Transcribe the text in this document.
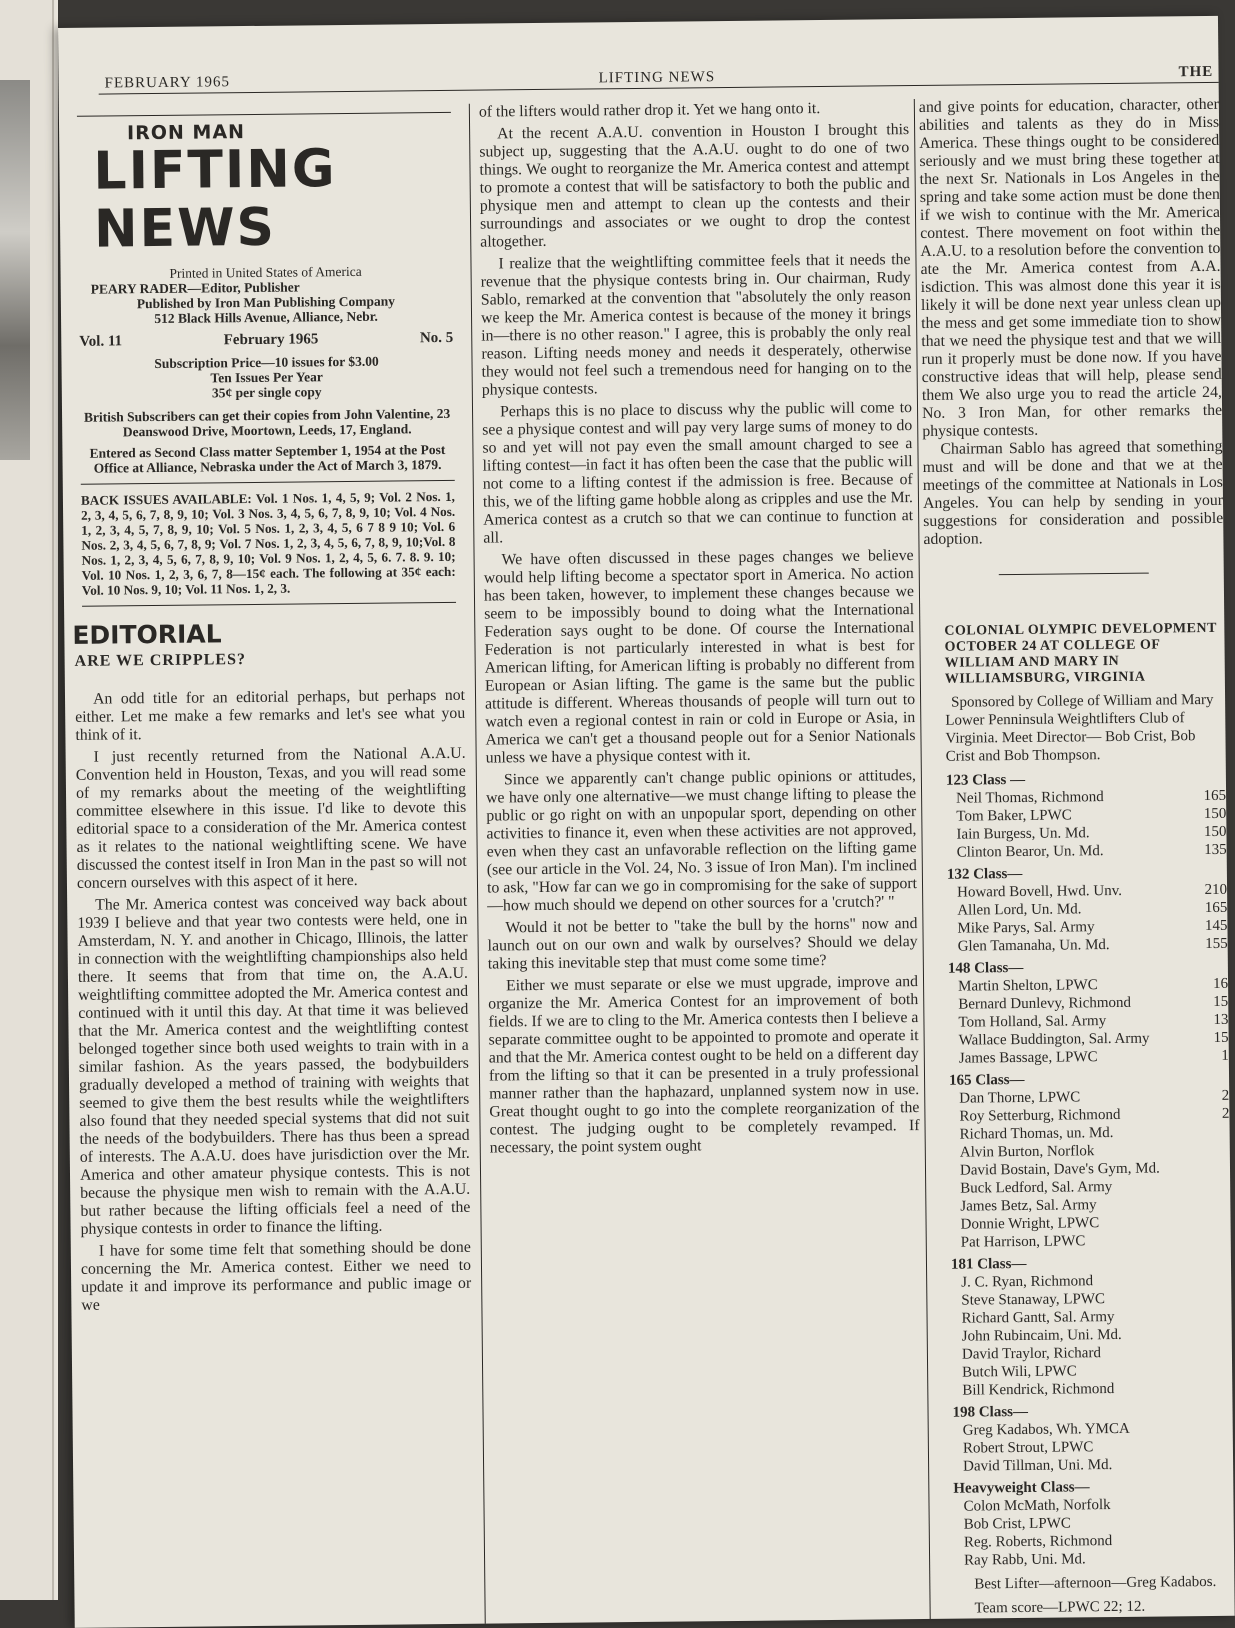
FEBRUARY 1965	LIFTING NEWS	THE
IRON MAN
LIFTING NEWS

Printed in United States of America

PEARY RADER—Editor, Publisher

Published by Iron Man Publishing Company

512 Black Hills Avenue, Alliance, Nebr.

Vol. 11	February 1965	No. 5

Subscription Price—10 issues for $3.00

Ten Issues Per Year

35¢ per single copy

British Subscribers can get their copies from John Valentine, 23 Deanswood Drive, Moortown, Leeds, 17, England.

Entered as Second Class matter September 1, 1954 at the Post Office at Alliance, Nebraska under the Act of March 3, 1879.

BACK ISSUES AVAILABLE: Vol. 1 Nos. 1, 4, 5, 9; Vol. 2 Nos. 1, 2, 3, 4, 5, 6, 7, 8, 9, 10; Vol. 3 Nos. 3, 4, 5, 6, 7, 8, 9, 10; Vol. 4 Nos. 1, 2, 3, 4, 5, 7, 8, 9, 10; Vol. 5 Nos. 1, 2, 3, 4, 5, 6 7 8 9 10; Vol. 6 Nos. 2, 3, 4, 5, 6, 7, 8, 9; Vol. 7 Nos. 1, 2, 3, 4, 5, 6, 7, 8, 9, 10;Vol. 8 Nos. 1, 2, 3, 4, 5, 6, 7, 8, 9, 10; Vol. 9 Nos. 1, 2, 4, 5, 6. 7. 8. 9. 10; Vol. 10 Nos. 1, 2, 3, 6, 7, 8—15¢ each. The following at 35¢ each: Vol. 10 Nos. 9, 10; Vol. 11 Nos. 1, 2, 3.
EDITORIAL
ARE WE CRIPPLES?

An odd title for an editorial perhaps, but perhaps not either. Let me make a few remarks and let's see what you think of it.

I just recently returned from the National A.A.U. Convention held in Houston, Texas, and you will read some of my remarks about the meeting of the weightlifting committee elsewhere in this issue. I'd like to devote this editorial space to a consideration of the Mr. America contest as it relates to the national weightlifting scene. We have discussed the contest itself in Iron Man in the past so will not concern ourselves with this aspect of it here.

The Mr. America contest was conceived way back about 1939 I believe and that year two contests were held, one in Amsterdam, N. Y. and another in Chicago, Illinois, the latter in connection with the weightlifting championships also held there. It seems that from that time on, the A.A.U. weightlifting committee adopted the Mr. America contest and continued with it until this day. At that time it was believed that the Mr. America contest and the weightlifting contest belonged together since both used weights to train with in a similar fashion. As the years passed, the bodybuilders gradually developed a method of training with weights that seemed to give them the best results while the weightlifters also found that they needed special systems that did not suit the needs of the bodybuilders. There has thus been a spread of interests. The A.A.U. does have jurisdiction over the Mr. America and other amateur physique contests. This is not because the physique men wish to remain with the A.A.U. but rather because the lifting officials feel a need of the physique contests in order to finance the lifting.

I have for some time felt that something should be done concerning the Mr. America contest. Either we need to update it and improve its performance and public image or we

of the lifters would rather drop it. Yet we hang onto it.

At the recent A.A.U. convention in Houston I brought this subject up, suggesting that the A.A.U. ought to do one of two things. We ought to reorganize the Mr. America contest and attempt to promote a contest that will be satisfactory to both the public and physique men and attempt to clean up the contests and their surroundings and associates or we ought to drop the contest altogether.

I realize that the weightlifting committee feels that it needs the revenue that the physique contests bring in. Our chairman, Rudy Sablo, remarked at the convention that "absolutely the only reason we keep the Mr. America contest is because of the money it brings in—there is no other reason." I agree, this is probably the only real reason. Lifting needs money and needs it desperately, otherwise they would not feel such a tremendous need for hanging on to the physique contests.

Perhaps this is no place to discuss why the public will come to see a physique contest and will pay very large sums of money to do so and yet will not pay even the small amount charged to see a lifting contest—in fact it has often been the case that the public will not come to a lifting contest if the admission is free. Because of this, we of the lifting game hobble along as cripples and use the Mr. America contest as a crutch so that we can continue to function at all.

We have often discussed in these pages changes we believe would help lifting become a spectator sport in America. No action has been taken, however, to implement these changes because we seem to be impossibly bound to doing what the International Federation says ought to be done. Of course the International Federation is not particularly interested in what is best for American lifting, for American lifting is probably no different from European or Asian lifting. The game is the same but the public attitude is different. Whereas thousands of people will turn out to watch even a regional contest in rain or cold in Europe or Asia, in America we can't get a thousand people out for a Senior Nationals unless we have a physique contest with it.

Since we apparently can't change public opinions or attitudes, we have only one alternative—we must change lifting to please the public or go right on with an unpopular sport, depending on other activities to finance it, even when these activities are not approved, even when they cast an unfavorable reflection on the lifting game (see our article in the Vol. 24, No. 3 issue of Iron Man). I'm inclined to ask, "How far can we go in compromising for the sake of support—how much should we depend on other sources for a 'crutch?' "

Would it not be better to "take the bull by the horns" now and launch out on our own and walk by ourselves? Should we delay taking this inevitable step that must come some time?

Either we must separate or else we must upgrade, improve and organize the Mr. America Contest for an improvement of both fields. If we are to cling to the Mr. America contests then I believe a separate committee ought to be appointed to promote and operate it and that the Mr. America contest ought to be held on a different day from the lifting so that it can be presented in a truly professional manner rather than the haphazard, unplanned system now in use. Great thought ought to go into the complete reorganization of the contest. The judging ought to be completely revamped. If necessary, the point system ought

and give points for education, character, other abilities and talents as they do in Miss America. These things ought to be considered seriously and we must bring these together at the next Sr. Nationals in Los Angeles in the spring and take some action must be done then if we wish to continue with the Mr. America contest. There movement on foot within the A.A.U. to a resolution before the convention to ate the Mr. America contest from A.A. isdiction. This was almost done this year it is likely it will be done next year unless clean up the mess and get some immediate tion to show that we need the physique test and that we will run it properly must be done now. If you have constructive ideas that will help, please send them We also urge you to read the article 24, No. 3 Iron Man, for other remarks the physique contests.

Chairman Sablo has agreed that something must and will be done and that we at the meetings of the committee at Nationals in Los Angeles. You can help by sending in your suggestions for consideration and possible adoption.

COLONIAL OLYMPIC DEVELOPMENT OCTOBER 24 AT COLLEGE OF WILLIAM AND MARY IN WILLIAMSBURG, VIRGINIA
Sponsored by College of William and Mary Lower Penninsula Weightlifters Club of Virginia. Meet Director— Bob Crist, Bob Crist and Bob Thompson.
123 Class —
Neil Thomas, Richmond	165
Tom Baker, LPWC	150
Iain Burgess, Un. Md.	150
Clinton Bearor, Un. Md.	135
132 Class—
Howard Bovell, Hwd. Unv.	210
Allen Lord, Un. Md.	165
Mike Parys, Sal. Army	145
Glen Tamanaha, Un. Md.	155
148 Class—
Martin Shelton, LPWC	16
Bernard Dunlevy, Richmond	15
Tom Holland, Sal. Army	13
Wallace Buddington, Sal. Army	15
James Bassage, LPWC	1
165 Class—
Dan Thorne, LPWC	2
Roy Setterburg, Richmond	2
Richard Thomas, un. Md.
Alvin Burton, Norflok
David Bostain, Dave's Gym, Md.
Buck Ledford, Sal. Army
James Betz, Sal. Army
Donnie Wright, LPWC
Pat Harrison, LPWC
181 Class—
J. C. Ryan, Richmond
Steve Stanaway, LPWC
Richard Gantt, Sal. Army
John Rubincaim, Uni. Md.
David Traylor, Richard
Butch Wili, LPWC
Bill Kendrick, Richmond
198 Class—
Greg Kadabos, Wh. YMCA
Robert Strout, LPWC
David Tillman, Uni. Md.
Heavyweight Class—
Colon McMath, Norfolk
Bob Crist, LPWC
Reg. Roberts, Richmond
Ray Rabb, Uni. Md.

Best Lifter—afternoon—Greg Kadabos.

Team score—LPWC 22; 12.
